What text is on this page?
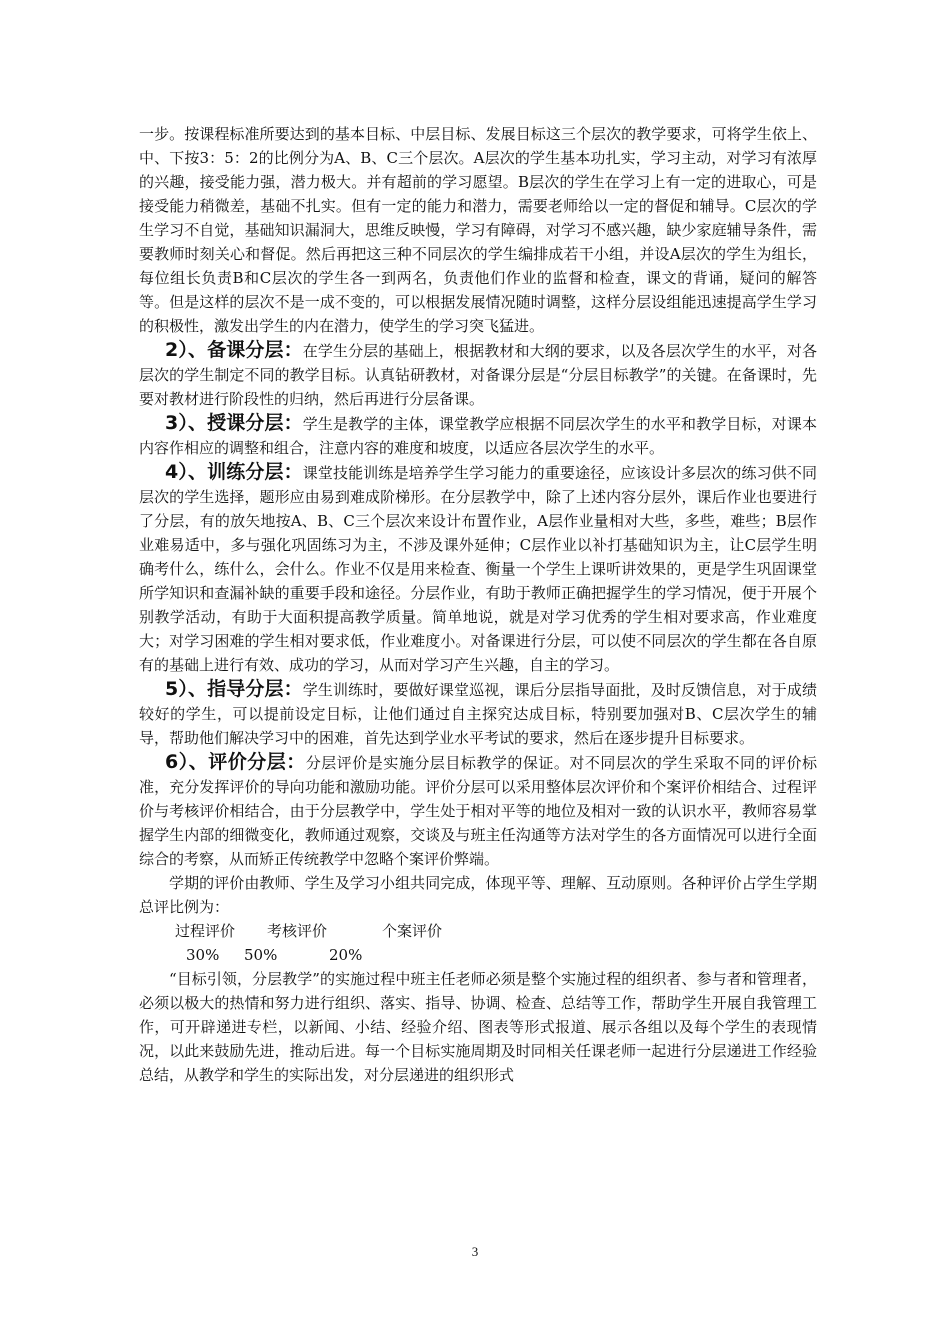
一步。按课程标准所要达到的基本目标、中层目标、发展目标这三个层次的教学要求，可将学生依上、中、下按3：5：2的比例分为A、B、C三个层次。A层次的学生基本功扎实，学习主动，对学习有浓厚的兴趣，接受能力强，潜力极大。并有超前的学习愿望。B层次的学生在学习上有一定的进取心，可是接受能力稍微差，基础不扎实。但有一定的能力和潜力，需要老师给以一定的督促和辅导。C层次的学生学习不自觉，基础知识漏洞大，思维反映慢，学习有障碍，对学习不感兴趣，缺少家庭辅导条件，需要教师时刻关心和督促。然后再把这三种不同层次的学生编排成若干小组，并设A层次的学生为组长，每位组长负责B和C层次的学生各一到两名，负责他们作业的监督和检查，课文的背诵，疑问的解答等。但是这样的层次不是一成不变的，可以根据发展情况随时调整，这样分层设组能迅速提高学生学习的积极性，激发出学生的内在潜力，使学生的学习突飞猛进。

2）、备课分层：在学生分层的基础上，根据教材和大纲的要求，以及各层次学生的水平，对各层次的学生制定不同的教学目标。认真钻研教材，对备课分层是“分层目标教学”的关键。在备课时，先要对教材进行阶段性的归纳，然后再进行分层备课。

3）、授课分层：学生是教学的主体，课堂教学应根据不同层次学生的水平和教学目标，对课本内容作相应的调整和组合，注意内容的难度和坡度，以适应各层次学生的水平。

4）、训练分层：课堂技能训练是培养学生学习能力的重要途径，应该设计多层次的练习供不同层次的学生选择，题形应由易到难成阶梯形。在分层教学中，除了上述内容分层外，课后作业也要进行了分层，有的放矢地按A、B、C三个层次来设计布置作业，A层作业量相对大些，多些，难些；B层作业难易适中，多与强化巩固练习为主，不涉及课外延伸；C层作业以补打基础知识为主，让C层学生明确考什么，练什么，会什么。作业不仅是用来检查、衡量一个学生上课听讲效果的，更是学生巩固课堂所学知识和查漏补缺的重要手段和途径。分层作业，有助于教师正确把握学生的学习情况，便于开展个别教学活动，有助于大面积提高教学质量。简单地说，就是对学习优秀的学生相对要求高，作业难度大；对学习困难的学生相对要求低，作业难度小。对备课进行分层，可以使不同层次的学生都在各自原有的基础上进行有效、成功的学习，从而对学习产生兴趣，自主的学习。

5）、指导分层：学生训练时，要做好课堂巡视，课后分层指导面批，及时反馈信息，对于成绩较好的学生，可以提前设定目标，让他们通过自主探究达成目标，特别要加强对B、C层次学生的辅导，帮助他们解决学习中的困难，首先达到学业水平考试的要求，然后在逐步提升目标要求。

6）、评价分层：分层评价是实施分层目标教学的保证。对不同层次的学生采取不同的评价标准，充分发挥评价的导向功能和激励功能。评价分层可以采用整体层次评价和个案评价相结合、过程评价与考核评价相结合，由于分层教学中，学生处于相对平等的地位及相对一致的认识水平，教师容易掌握学生内部的细微变化，教师通过观察，交谈及与班主任沟通等方法对学生的各方面情况可以进行全面综合的考察，从而矫正传统教学中忽略个案评价弊端。

学期的评价由教师、学生及学习小组共同完成，体现平等、理解、互动原则。各种评价占学生学期总评比例为：

过程评价 考核评价	个案评价
30% 50%	20%

“目标引领，分层教学”的实施过程中班主任老师必须是整个实施过程的组织者、参与者和管理者，必须以极大的热情和努力进行组织、落实、指导、协调、检查、总结等工作，帮助学生开展自我管理工作，可开辟递进专栏，以新闻、小结、经验介绍、图表等形式报道、展示各组以及每个学生的表现情况，以此来鼓励先进，推动后进。每一个目标实施周期及时同相关任课老师一起进行分层递进工作经验总结，从教学和学生的实际出发，对分层递进的组织形式

3
